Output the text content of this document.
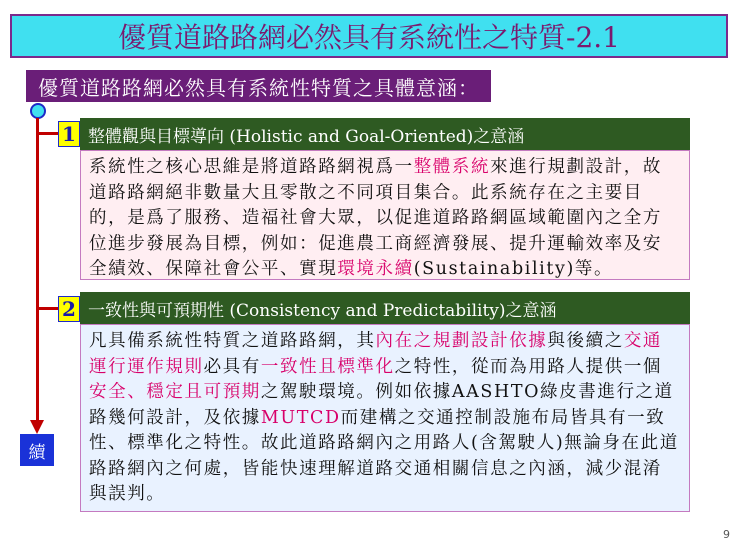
優質道路路網必然具有系統性之特質-2.1
優質道路路網必然具有系統性特質之具體意涵：
1 整體觀與目標導向 (Holistic and Goal-Oriented)之意涵
系統性之核心思維是將道路路網視爲一整體系統來進行規劃設計，故道路路網絕非數量大且零散之不同項目集合。此系統存在之主要目的，是爲了服務、造福社會大眾，以促進道路路網區域範圍內之全方位進步發展為目標，例如：促進農工商經濟發展、提升運輸效率及安全績效、保障社會公平、實現環境永續(Sustainability)等。
2 一致性與可預期性 (Consistency and Predictability)之意涵
凡具備系統性特質之道路路網，其內在之規劃設計依據與後續之交通運行運作規則必具有一致性且標準化之特性，從而為用路人提供一個安全、穩定且可預期之駕駛環境。例如依據AASHTO綠皮書進行之道路幾何設計，及依據MUTCD而建構之交通控制設施布局皆具有一致性、標準化之特性。故此道路路網內之用路人(含駕駛人)無論身在此道路路網內之何處，皆能快速理解道路交通相關信息之內涵，減少混淆與誤判。
續
9
